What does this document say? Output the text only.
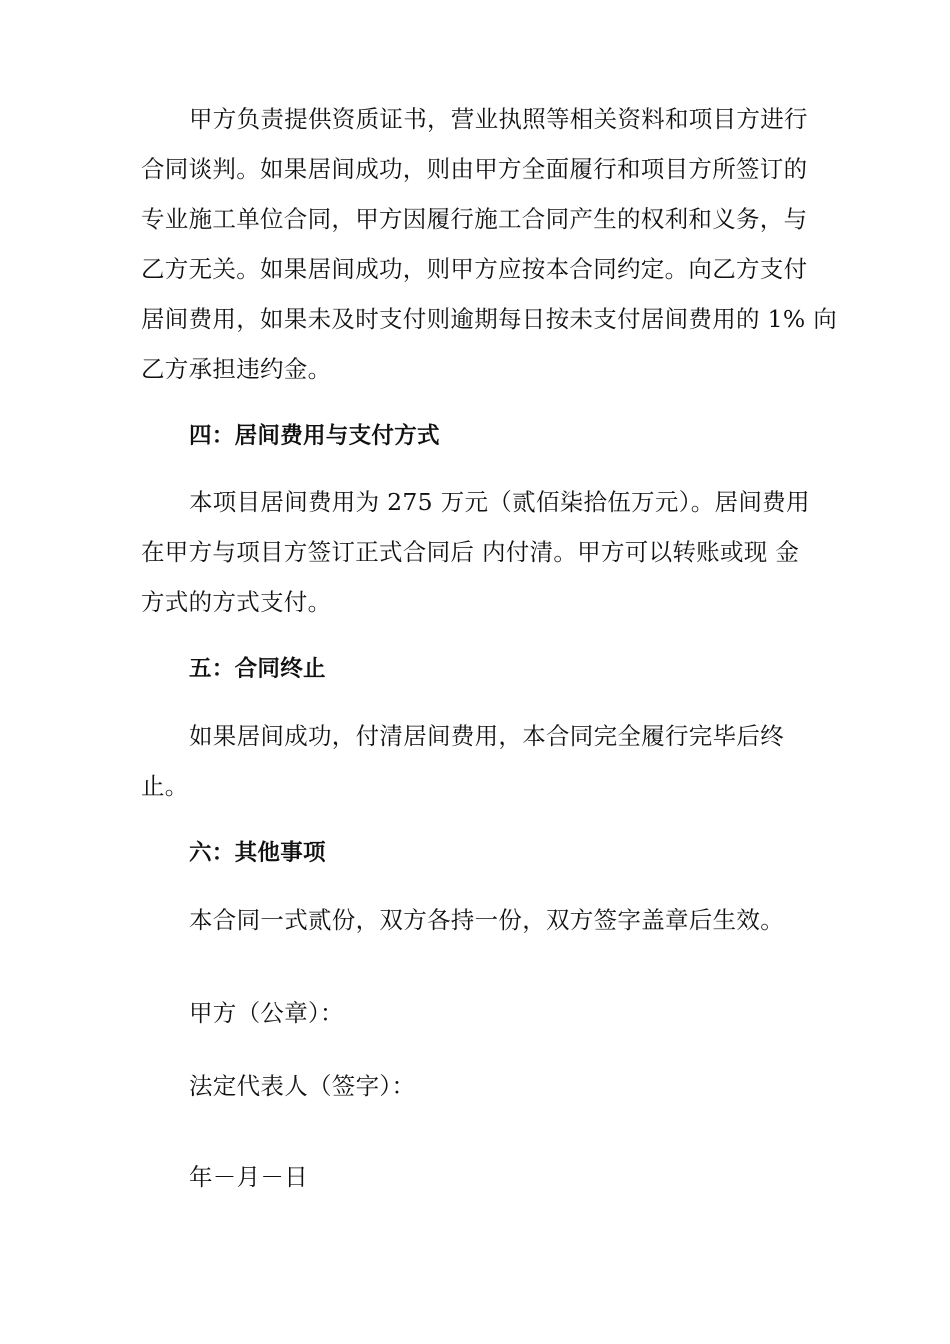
甲方负责提供资质证书，营业执照等相关资料和项目方进行
合同谈判。如果居间成功，则由甲方全面履行和项目方所签订的
专业施工单位合同，甲方因履行施工合同产生的权利和义务，与
乙方无关。如果居间成功，则甲方应按本合同约定。向乙方支付
居间费用，如果未及时支付则逾期每日按未支付居间费用的 1% 向
乙方承担违约金。
四：居间费用与支付方式
本项目居间费用为 275 万元（贰佰柒拾伍万元）。居间费用
在甲方与项目方签订正式合同后 内付清。甲方可以转账或现 金
方式的方式支付。
五：合同终止
如果居间成功，付清居间费用，本合同完全履行完毕后终
止。
六：其他事项
本合同一式贰份，双方各持一份，双方签字盖章后生效。
甲方（公章）：
法定代表人（签字）：
年－月－日
